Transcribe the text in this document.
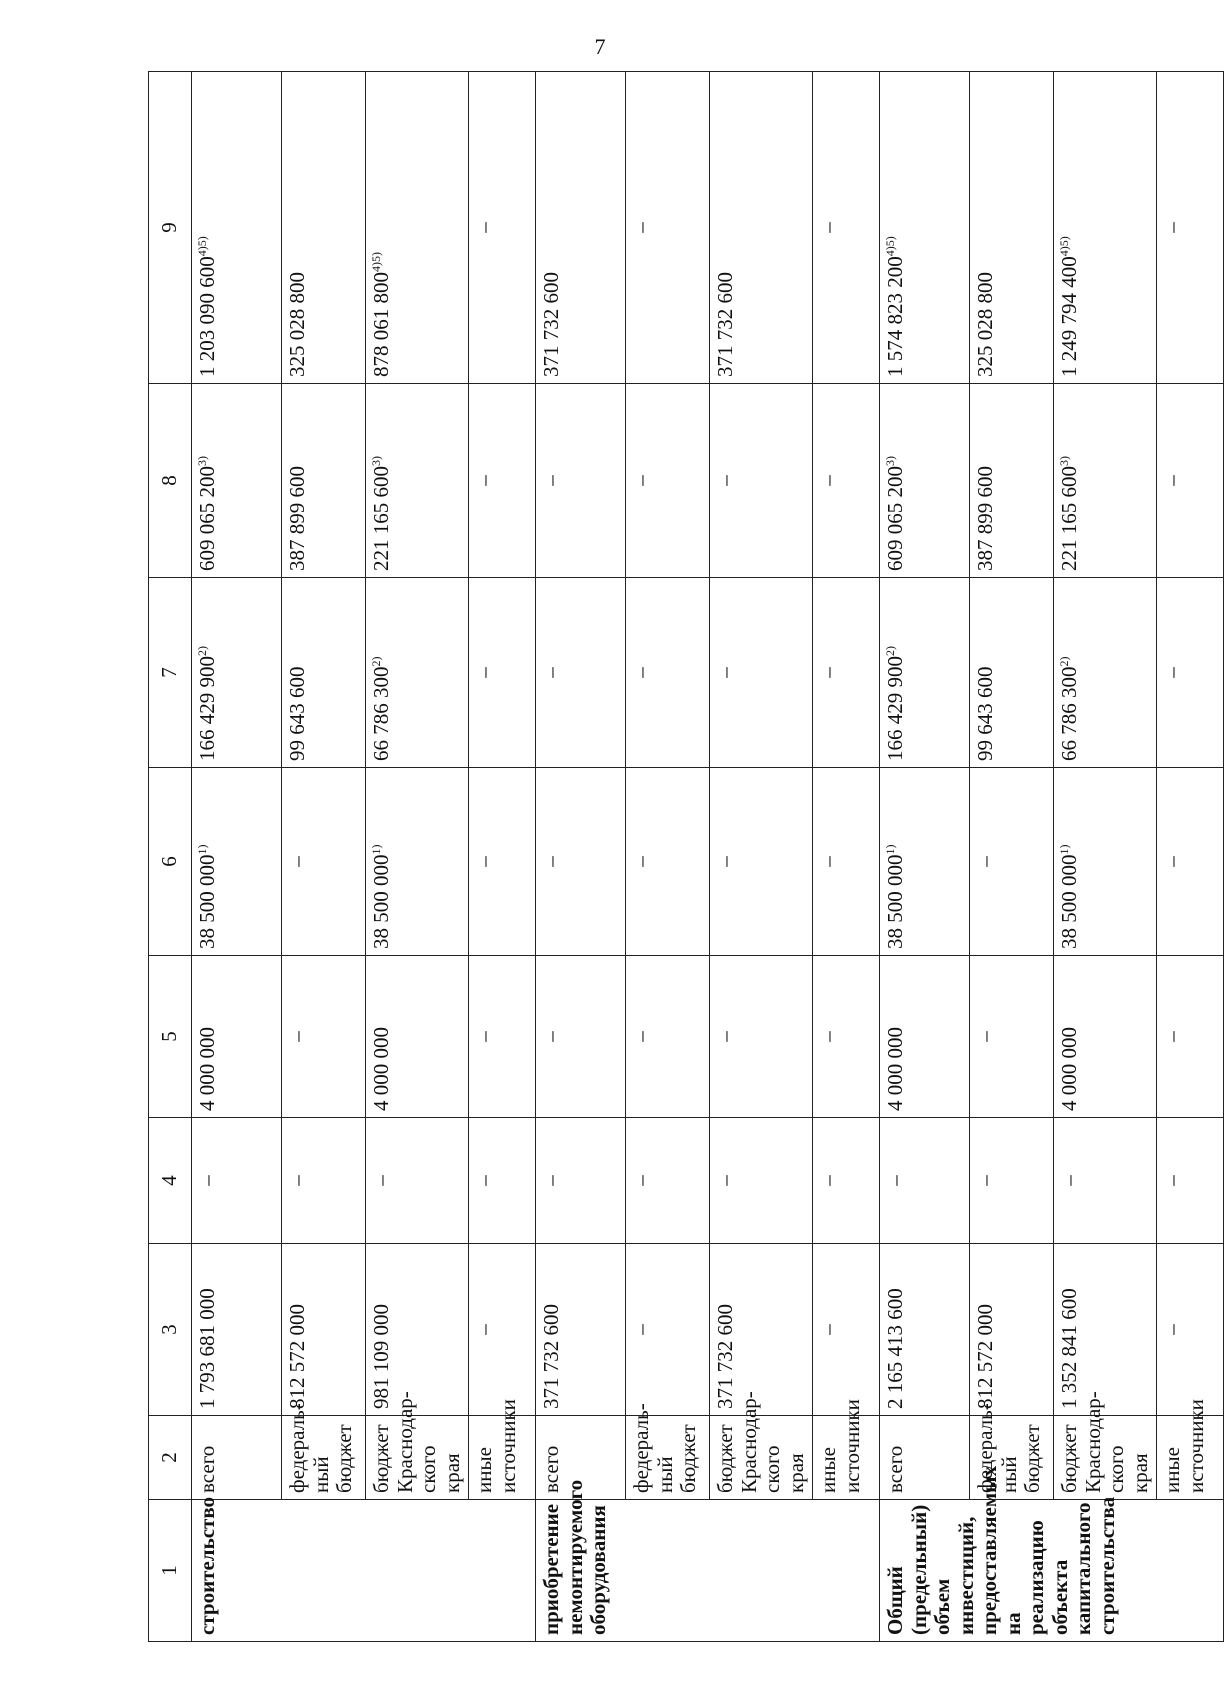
7
1	2	3	4	5	6	7	8	9
строительство	всего	1 793 681 000	–	4 000 000	38 500 000$^{1)}$	166 429 900$^{2)}$	609 065 200$^{3)}$	1 203 090 $600^{4)5)}$
	федераль-ный бюджет	812 572 000	–	–	–	99 643 600	387 899 600	325 028 800
	бюджет Краснодар-ского края	981 109 000	–	4 000 000	38 500 000$^{1)}$	66 786 300$^{2)}$	221 165 600$^{3)}$	878 061 $800^{4)5)}$
	иные источники	–	–	–	–	–	–	–
приобретение немонтируемого оборудования	всего	371 732 600	–	–	–	–	–	371 732 600
	федераль-ный бюджет	–	–	–	–	–	–	–
	бюджет Краснодар-ского края	371 732 600	–	–	–	–	–	371 732 600
	иные источники	–	–	–	–	–	–	–
Общий (предельный) объем инвестиций, предоставляемых на реализацию объекта капитального строительства	всего	2 165 413 600	–	4 000 000	38 500 000$^{1)}$	166 429 900$^{2)}$	609 065 200$^{3)}$	1 574 823 $200^{4)5)}$
	федераль-ный бюджет	812 572 000	–	–	–	99 643 600	387 899 600	325 028 800
	бюджет Краснодар-ского края	1 352 841 600	–	4 000 000	38 500 000$^{1)}$	66 786 300$^{2)}$	221 165 600$^{3)}$	1 249 794 $400^{4)5)}$
	иные источники	–	–	–	–	–	–	–
